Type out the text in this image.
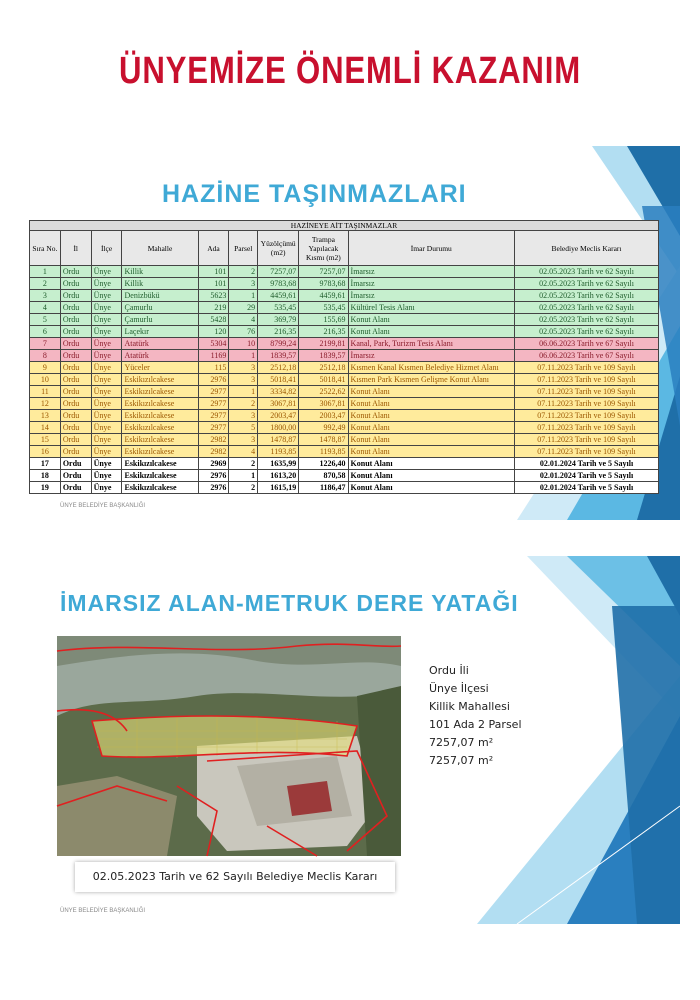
ÜNYEMİZE ÖNEMLİ KAZANIM
HAZİNE TAŞINMAZLARI
HAZİNEYE AİT TAŞINMAZLAR									
Sıra No.	İl	İlçe	Mahalle	Ada	Parsel	Yüzölçümü (m2)	Trampa Yapılacak Kısmı (m2)	İmar Durumu	Belediye Meclis Kararı
1	Ordu	Ünye	Killik	101	2	7257,07	7257,07	İmarsız	02.05.2023 Tarih ve 62 Sayılı
2	Ordu	Ünye	Killik	101	3	9783,68	9783,68	İmarsız	02.05.2023 Tarih ve 62 Sayılı
3	Ordu	Ünye	Denizbükü	5623	1	4459,61	4459,61	İmarsız	02.05.2023 Tarih ve 62 Sayılı
4	Ordu	Ünye	Çamurlu	219	29	535,45	535,45	Kültürel Tesis Alanı	02.05.2023 Tarih ve 62 Sayılı
5	Ordu	Ünye	Çamurlu	5428	4	369,79	155,69	Konut Alanı	02.05.2023 Tarih ve 62 Sayılı
6	Ordu	Ünye	Laçekır	120	76	216,35	216,35	Konut Alanı	02.05.2023 Tarih ve 62 Sayılı
7	Ordu	Ünye	Atatürk	5304	10	8799,24	2199,81	Kanal, Park, Turizm Tesis Alanı	06.06.2023 Tarih ve 67 Sayılı
8	Ordu	Ünye	Atatürk	1169	1	1839,57	1839,57	İmarsız	06.06.2023 Tarih ve 67 Sayılı
9	Ordu	Ünye	Yüceler	115	3	2512,18	2512,18	Kısmen Kanal Kısmen Belediye Hizmet Alanı	07.11.2023 Tarih ve 109 Sayılı
10	Ordu	Ünye	Eskikızılcakese	2976	3	5018,41	5018,41	Kısmen Park Kısmen Gelişme Konut Alanı	07.11.2023 Tarih ve 109 Sayılı
11	Ordu	Ünye	Eskikızılcakese	2977	1	3334,82	2522,62	Konut Alanı	07.11.2023 Tarih ve 109 Sayılı
12	Ordu	Ünye	Eskikızılcakese	2977	2	3067,81	3067,81	Konut Alanı	07.11.2023 Tarih ve 109 Sayılı
13	Ordu	Ünye	Eskikızılcakese	2977	3	2003,47	2003,47	Konut Alanı	07.11.2023 Tarih ve 109 Sayılı
14	Ordu	Ünye	Eskikızılcakese	2977	5	1800,00	992,49	Konut Alanı	07.11.2023 Tarih ve 109 Sayılı
15	Ordu	Ünye	Eskikızılcakese	2982	3	1478,87	1478,87	Konut Alanı	07.11.2023 Tarih ve 109 Sayılı
16	Ordu	Ünye	Eskikızılcakese	2982	4	1193,85	1193,85	Konut Alanı	07.11.2023 Tarih ve 109 Sayılı
17	Ordu	Ünye	Eskikızılcakese	2969	2	1635,99	1226,40	Konut Alanı	02.01.2024 Tarih ve 5 Sayılı
18	Ordu	Ünye	Eskikızılcakese	2976	1	1613,20	870,58	Konut Alanı	02.01.2024 Tarih ve 5 Sayılı
19	Ordu	Ünye	Eskikızılcakese	2976	2	1615,19	1186,47	Konut Alanı	02.01.2024 Tarih ve 5 Sayılı
ÜNYE BELEDİYE BAŞKANLIĞI
İMARSIZ ALAN-METRUK DERE YATAĞI
Ordu İli
Ünye İlçesi
Killik Mahallesi
101 Ada 2 Parsel
7257,07 m²
7257,07 m²
02.05.2023 Tarih ve 62 Sayılı Belediye Meclis Kararı
ÜNYE BELEDİYE BAŞKANLIĞI
